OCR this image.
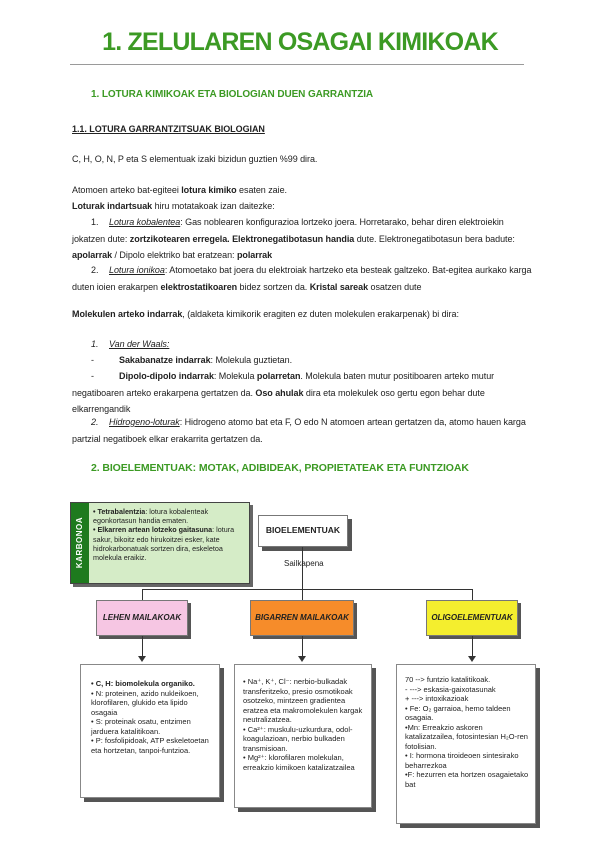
1. ZELULAREN OSAGAI KIMIKOAK
1. LOTURA KIMIKOAK ETA BIOLOGIAN DUEN GARRANTZIA
1.1. LOTURA GARRANTZITSUAK BIOLOGIAN
C, H, O, N, P eta S elementuak izaki bizidun guztien %99 dira.
Atomoen arteko bat-egiteei lotura kimiko esaten zaie.
Loturak indartsuak hiru motatakoak izan daitezke:
1. Lotura kobalentea: Gas noblearen konfigurazioa lortzeko joera. Horretarako, behar diren elektroiekin jokatzen dute: zortzikotearen erregela. Elektronegatibotasun handia dute. Elektronegatibotasun bera badute: apolarrak / Dipolo elektriko bat eratzean: polarrak
2. Lotura ionikoa: Atomoetako bat joera du elektroiak hartzeko eta besteak galtzeko. Bat-egitea aurkako karga duten ioien erakarpen elektrostatikoaren bidez sortzen da. Kristal sareak osatzen dute
Molekulen arteko indarrak, (aldaketa kimikorik eragiten ez duten molekulen erakarpenak) bi dira:
1. Van der Waals:
-	Sakabanatze indarrak: Molekula guztietan.
-	Dipolo-dipolo indarrak: Molekula polarretan. Molekula baten mutur positiboaren arteko mutur negatiboaren arteko erakarpena gertatzen da. Oso ahulak dira eta molekulek oso gertu egon behar dute elkarrengandik
2. Hidrogeno-loturak: Hidrogeno atomo bat eta F, O edo N atomoen artean gertatzen da, atomo hauen karga partzial negatiboek elkar erakarrita gertatzen da.
2. BIOELEMENTUAK: MOTAK, ADIBIDEAK, PROPIETATEAK ETA FUNTZIOAK
KARBONOA
• Tetrabalentzia: lotura kobalenteak egonkortasun handia ematen.
• Elkarren artean lotzeko gaitasuna: lotura sakur, bikoitz edo hirukoitzei esker, kate hidrokarbonatuak sortzen dira, eskeletoa molekula eraikiz.
BIOELEMENTUAK
Sailkapena
LEHEN MAILAKOAK	BIGARREN MAILAKOAK	OLIGOELEMENTUAK
• C, H: biomolekula organiko.
• N: proteinen, azido nukleikoen, klorofilaren, glukido eta lipido osagaia
• S: proteinak osatu, entzimen jarduera katalitikoan.
• P: fosfolipidoak, ATP eskeletoetan eta hortzetan, tanpoi-funtzioa.
• Na⁺, K⁺, Cl⁻: nerbio-bulkadak transferitzeko, presio osmotikoak osotzeko, mintzeen gradientea eratzea eta makromolekulen kargak neutralizatzea.
• Ca²⁺: muskulu-uzkurdura, odol-koagulazioan, nerbio bulkaden transmisioan.
• Mg²⁺: klorofilaren molekulan, erreakzio kimikoen katalizatzailea
70 --> funtzio katalitikoak.
- ---> eskasia-gaixotasunak
+ ---> intoxikazioak
• Fe: O₂ garraioa, hemo taldeen osagaia.
•Mn: Erreakzio askoren katalizatzailea, fotosintesian H₂O-ren fotolisian.
• I: hormona tiroideoen sintesirako beharrezkoa
•F: hezurren eta hortzen osagaietako bat
